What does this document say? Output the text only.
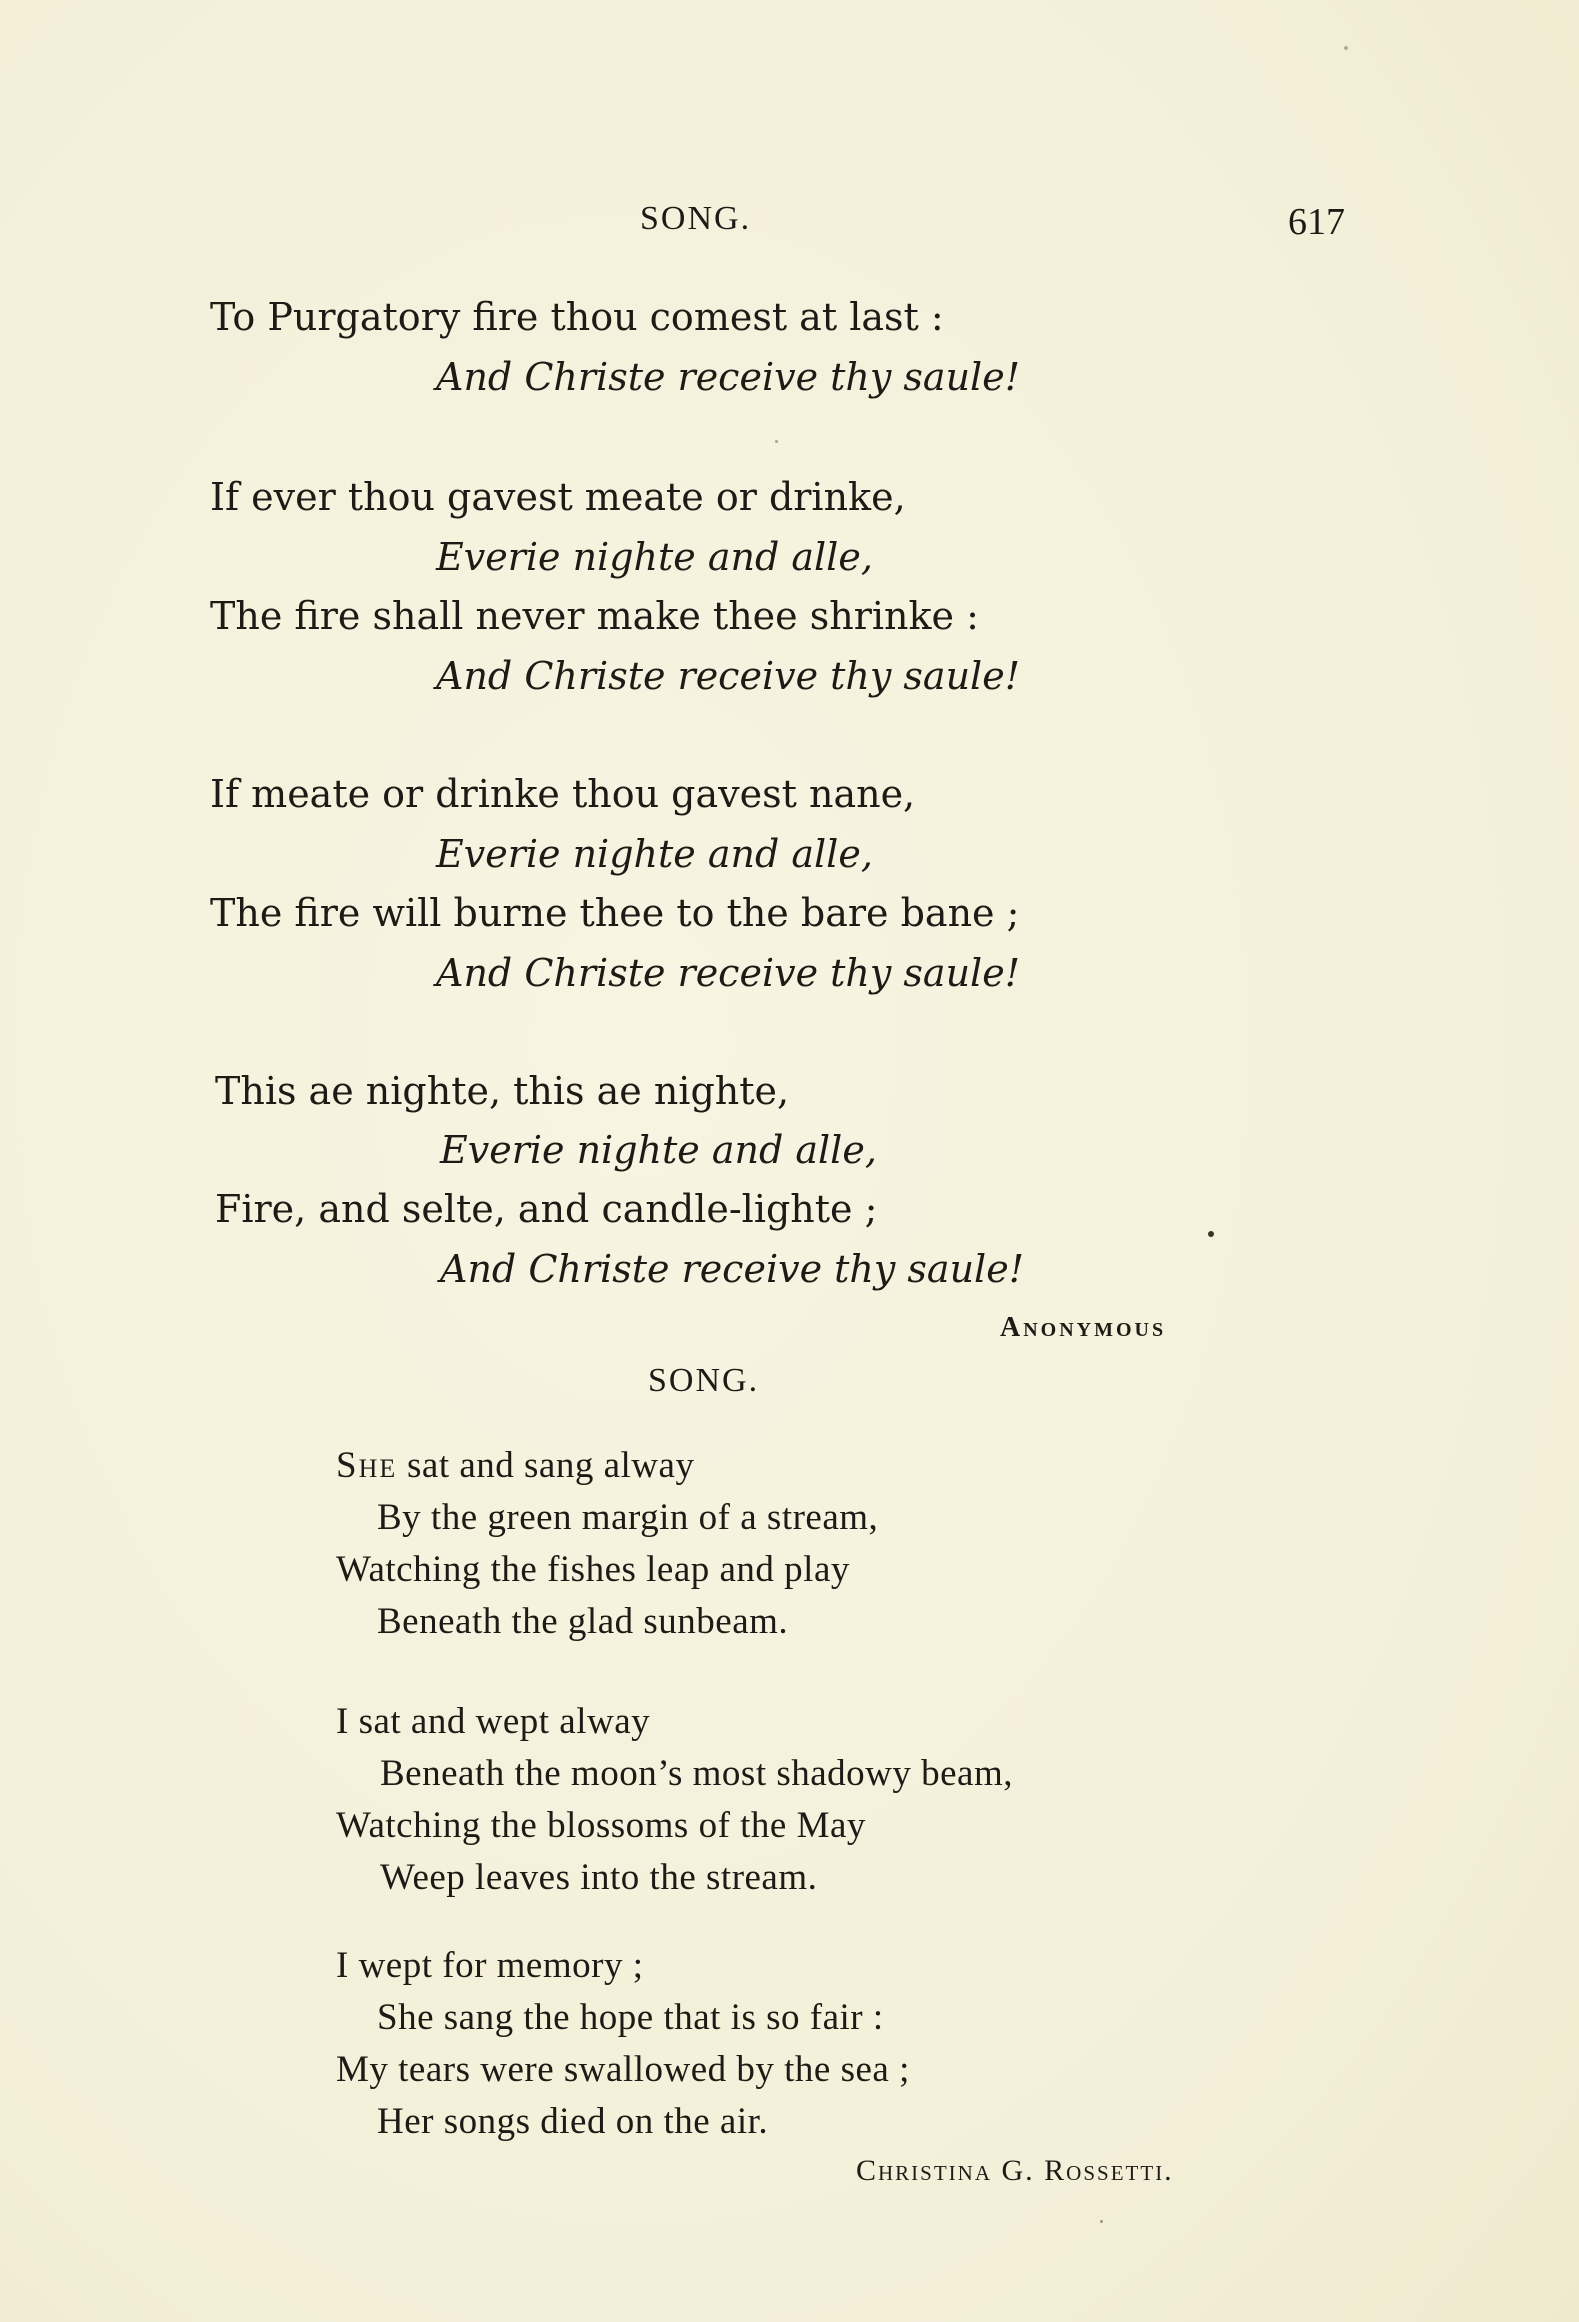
SONG.	617
To Purgatory fire thou comest at last :
And Christe receive thy saule!
If ever thou gavest meate or drinke,
Everie nighte and alle,
The fire shall never make thee shrinke :
And Christe receive thy saule!
If meate or drinke thou gavest nane,
Everie nighte and alle,
The fire will burne thee to the bare bane ;
And Christe receive thy saule!
This ae nighte, this ae nighte,
Everie nighte and alle,
Fire, and selte, and candle-lighte ;
And Christe receive thy saule!
Anonymous
SONG.
She sat and sang alway
By the green margin of a stream,
Watching the fishes leap and play
Beneath the glad sunbeam.
I sat and wept alway
Beneath the moon’s most shadowy beam,
Watching the blossoms of the May
Weep leaves into the stream.
I wept for memory ;
She sang the hope that is so fair :
My tears were swallowed by the sea ;
Her songs died on the air.
Christina G. Rossetti.
